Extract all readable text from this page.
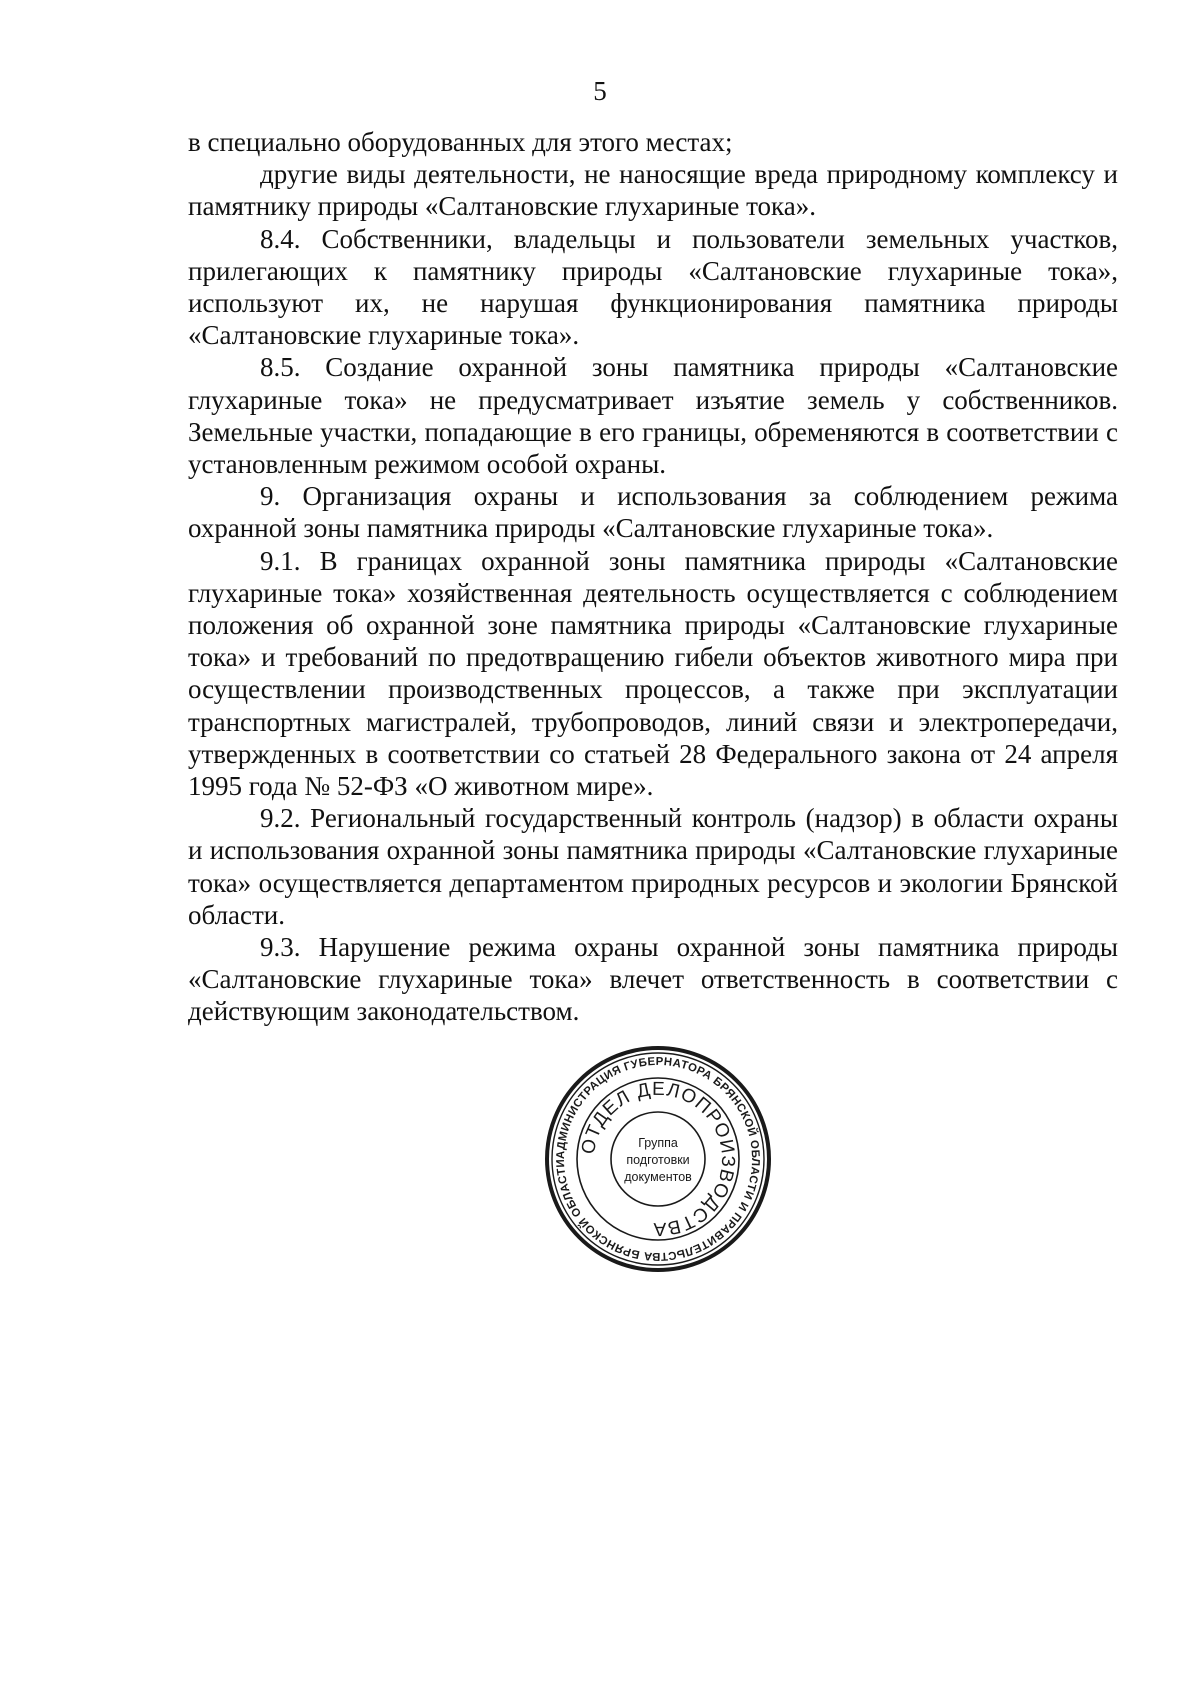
5

в специально оборудованных для этого местах;

другие виды деятельности, не наносящие вреда природному комплексу и памятнику природы «Салтановские глухариные тока».

8.4. Собственники, владельцы и пользователи земельных участков, прилегающих к памятнику природы «Салтановские глухариные тока», используют их, не нарушая функционирования памятника природы «Салтановские глухариные тока».

8.5. Создание охранной зоны памятника природы «Салтановские глухариные тока» не предусматривает изъятие земель у собственников. Земельные участки, попадающие в его границы, обременяются в соответствии с установленным режимом особой охраны.

9. Организация охраны и использования за соблюдением режима охранной зоны памятника природы «Салтановские глухариные тока».

9.1. В границах охранной зоны памятника природы «Салтановские глухариные тока» хозяйственная деятельность осуществляется с соблюдением положения об охранной зоне памятника природы «Салтановские глухариные тока» и требований по предотвращению гибели объектов животного мира при осуществлении производственных процессов, а также при эксплуатации транспортных магистралей, трубопроводов, линий связи и электропередачи, утвержденных в соответствии со статьей 28 Федерального закона от 24 апреля 1995 года № 52-ФЗ «О животном мире».

9.2. Региональный государственный контроль (надзор) в области охраны и использования охранной зоны памятника природы «Салтановские глухариные тока» осуществляется департаментом природных ресурсов и экологии Брянской области.

9.3. Нарушение режима охраны охранной зоны памятника природы «Салтановские глухариные тока» влечет ответственность в соответствии с действующим законодательством.

АДМИНИСТРАЦИЯ ГУБЕРНАТОРА БРЯНСКОЙ ОБЛАСТИ И ПРАВИТЕЛЬСТВА БРЯНСКОЙ ОБЛАСТИ
ОТДЕЛ ДЕЛОПРОИЗВОДСТВА
Группа
подготовки
документов
